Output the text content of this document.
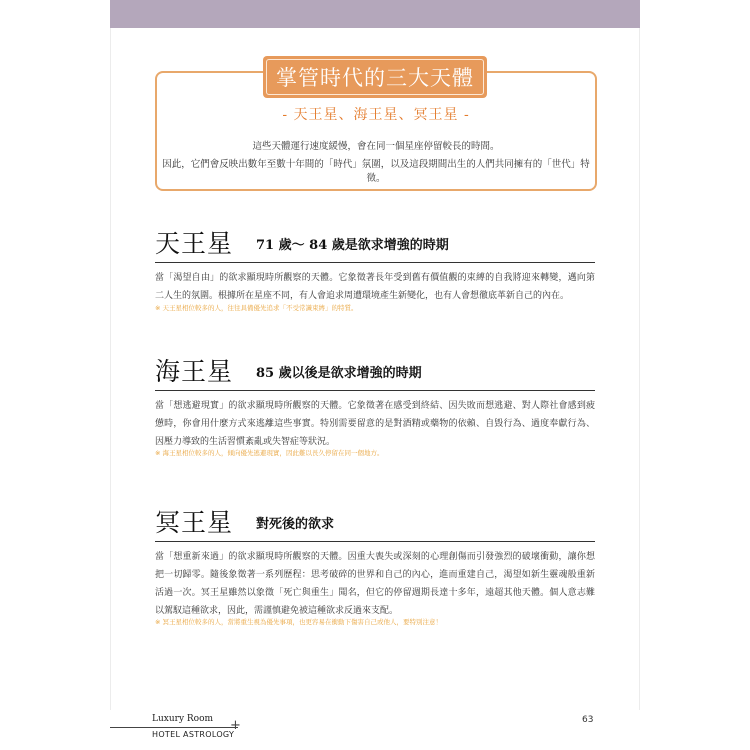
掌管時代的三大天體
- 天王星、海王星、冥王星 -
這些天體運行速度緩慢，會在同一個星座停留較長的時間。
因此，它們會反映出數年至數十年間的「時代」氛圍，以及這段期間出生的人們共同擁有的「世代」特徵。
天王星 71 歲～ 84 歲是欲求增強的時期
當「渴望自由」的欲求顯現時所觀察的天體。它象徵著長年受到舊有價值觀的束縛的自我將迎來轉變，邁向第二人生的氛圍。根據所在星座不同，有人會追求周遭環境產生新變化，也有人會想徹底革新自己的內在。
※ 天王星相位較多的人，往往具備優先追求「不受常識束縛」的特質。
海王星 85 歲以後是欲求增強的時期
當「想逃避現實」的欲求顯現時所觀察的天體。它象徵著在感受到終結、因失敗而想逃避、對人際社會感到疲憊時，你會用什麼方式來逃離這些事實。特別需要留意的是對酒精或藥物的依賴、自毀行為、過度奉獻行為、因壓力導致的生活習慣紊亂或失智症等狀況。
※ 海王星相位較多的人，傾向優先逃避現實，因此難以長久停留在同一個地方。
冥王星 對死後的欲求
當「想重新來過」的欲求顯現時所觀察的天體。因重大喪失或深刻的心理創傷而引發強烈的破壞衝動，讓你想把一切歸零。隨後象徵著一系列歷程：思考破碎的世界和自己的內心，進而重建自己，渴望如新生靈魂般重新活過一次。冥王星雖然以象徵「死亡與重生」聞名，但它的停留週期長達十多年，遠超其他天體。個人意志難以駕馭這種欲求，因此，需謹慎避免被這種欲求反過來支配。
※ 冥王星相位較多的人，當將重生視為優先事項，也更容易在衝動下傷害自己或他人，要特別注意！
Luxury Room +
HOTEL ASTROLOGY
63
